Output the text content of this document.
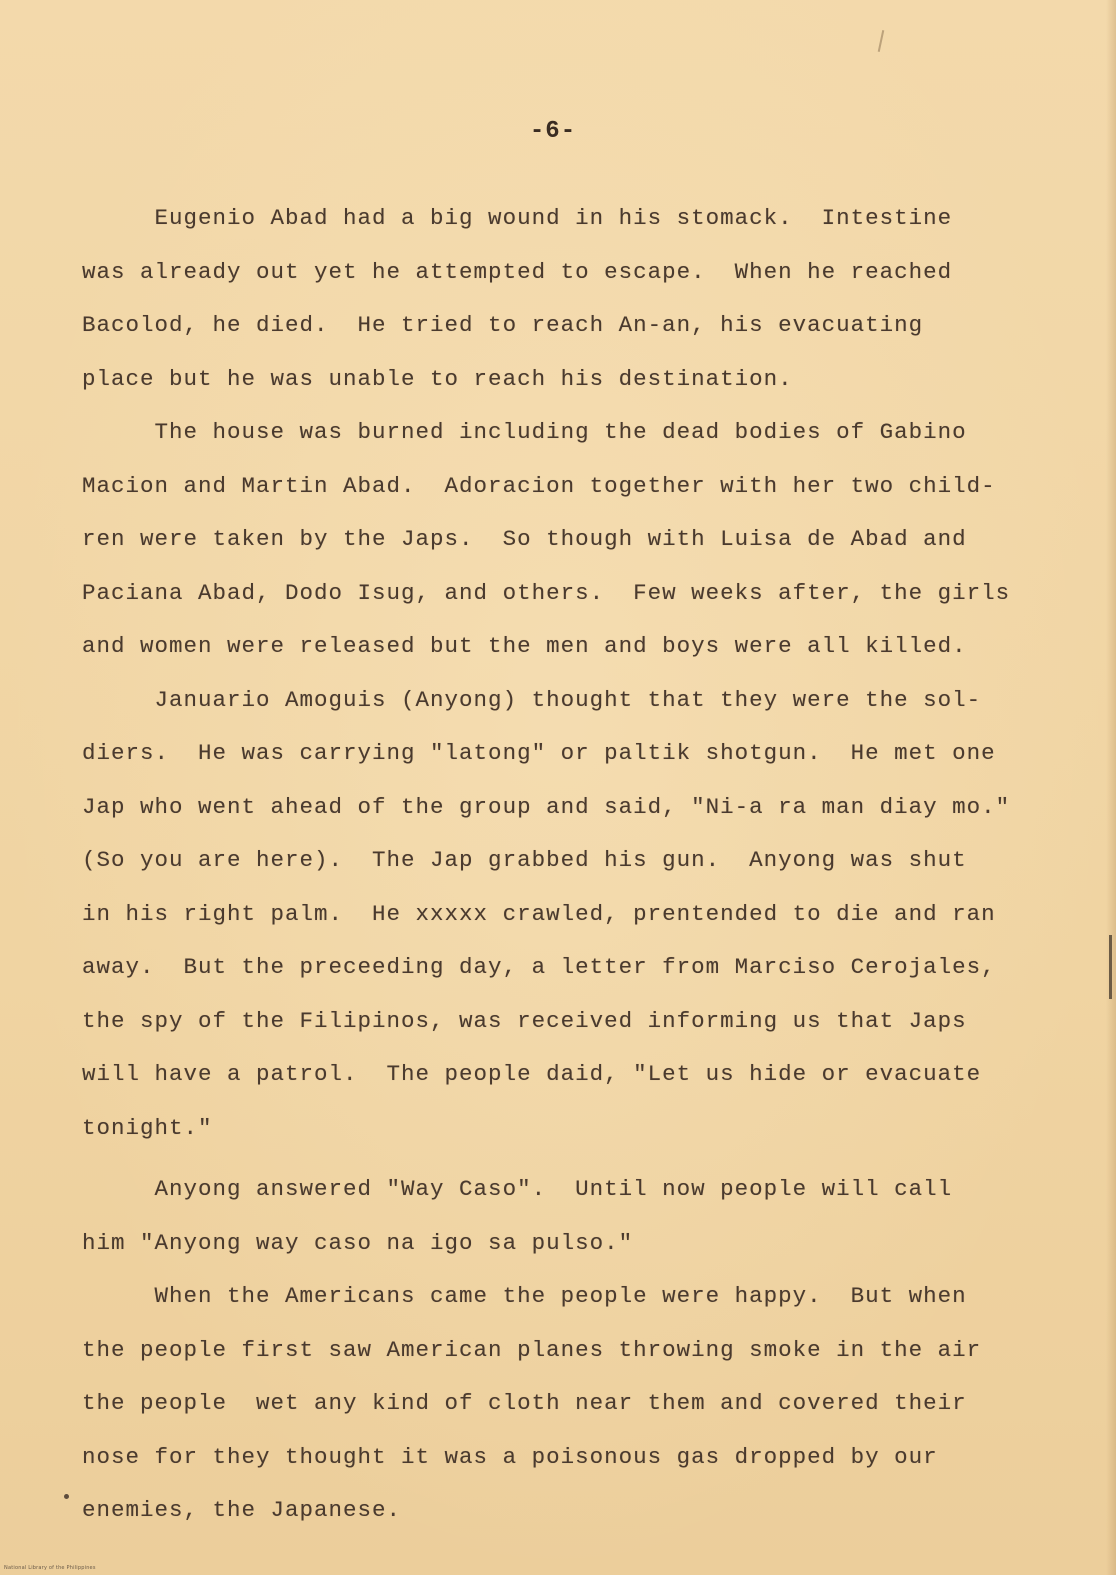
-6-
Eugenio Abad had a big wound in his stomack.  Intestine
was already out yet he attempted to escape.  When he reached
Bacolod, he died.  He tried to reach An-an, his evacuating
place but he was unable to reach his destination.
The house was burned including the dead bodies of Gabino
Macion and Martin Abad.  Adoracion together with her two child-
ren were taken by the Japs.  So though with Luisa de Abad and
Paciana Abad, Dodo Isug, and others.  Few weeks after, the girls
and women were released but the men and boys were all killed.
Januario Amoguis (Anyong) thought that they were the sol-
diers.  He was carrying "latong" or paltik shotgun.  He met one
Jap who went ahead of the group and said, "Ni-a ra man diay mo."
(So you are here).  The Jap grabbed his gun.  Anyong was shut
in his right palm.  He xxxxx crawled, prentended to die and ran
away.  But the preceeding day, a letter from Marciso Cerojales,
the spy of the Filipinos, was received informing us that Japs
will have a patrol.  The people daid, "Let us hide or evacuate
tonight."
Anyong answered "Way Caso".  Until now people will call
him "Anyong way caso na igo sa pulso."
When the Americans came the people were happy.  But when
the people first saw American planes throwing smoke in the air
the people  wet any kind of cloth near them and covered their
nose for they thought it was a poisonous gas dropped by our
enemies, the Japanese.
National Library of the Philippines
